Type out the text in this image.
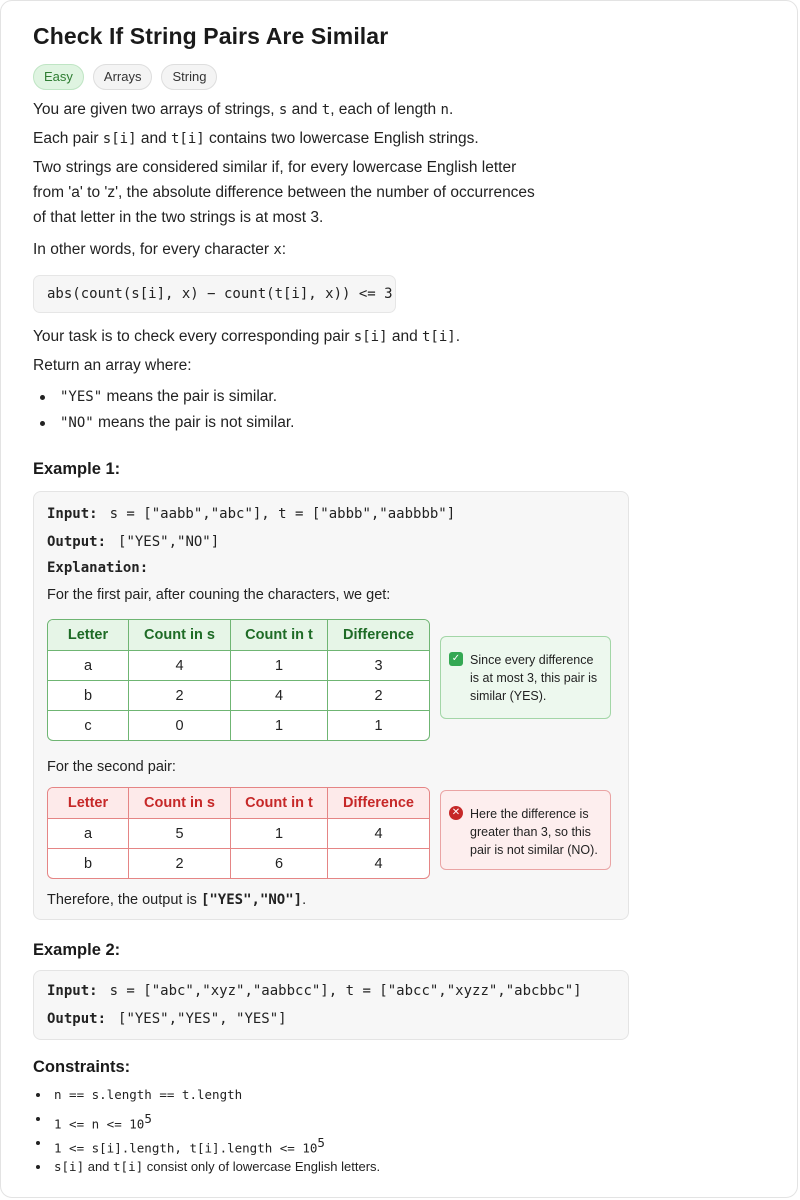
Check If String Pairs Are Similar
Easy	Arrays	String

You are given two arrays of strings, s and t, each of length n.

Each pair s[i] and t[i] contains two lowercase English strings.

Two strings are considered similar if, for every lowercase English letter

from 'a' to 'z', the absolute difference between the number of occurrences

of that letter in the two strings is at most 3.

In other words, for every character x:

abs(count(s[i], x) − count(t[i], x)) <= 3

Your task is to check every corresponding pair s[i] and t[i].

Return an array where:

"YES" means the pair is similar.
"NO" means the pair is not similar.
Example 1:
Input: s = ["aabb","abc"], t = ["abbb","aabbbb"]
Output: ["YES","NO"]
Explanation:
For the first pair, after couning the characters, we get:
Letter	Count in s	Count in t	Difference
a	4	1	3
b	2	4	2
c	0	1	1
✓ Since every difference is at most 3, this pair is similar (YES).
For the second pair:
Letter	Count in s	Count in t	Difference
a	5	1	4
b	2	6	4
✕ Here the difference is greater than 3, so this pair is not similar (NO).
Therefore, the output is ["YES","NO"].
Example 2:
Input: s = ["abc","xyz","aabbcc"], t = ["abcc","xyzz","abcbbc"]
Output: ["YES","YES", "YES"]
Constraints:
n == s.length == t.length
$1 <= n <= 10^5$
1 <= s[i].length, t[i].length <= $10^5$
s[i] and t[i] consist only of lowercase English letters.
